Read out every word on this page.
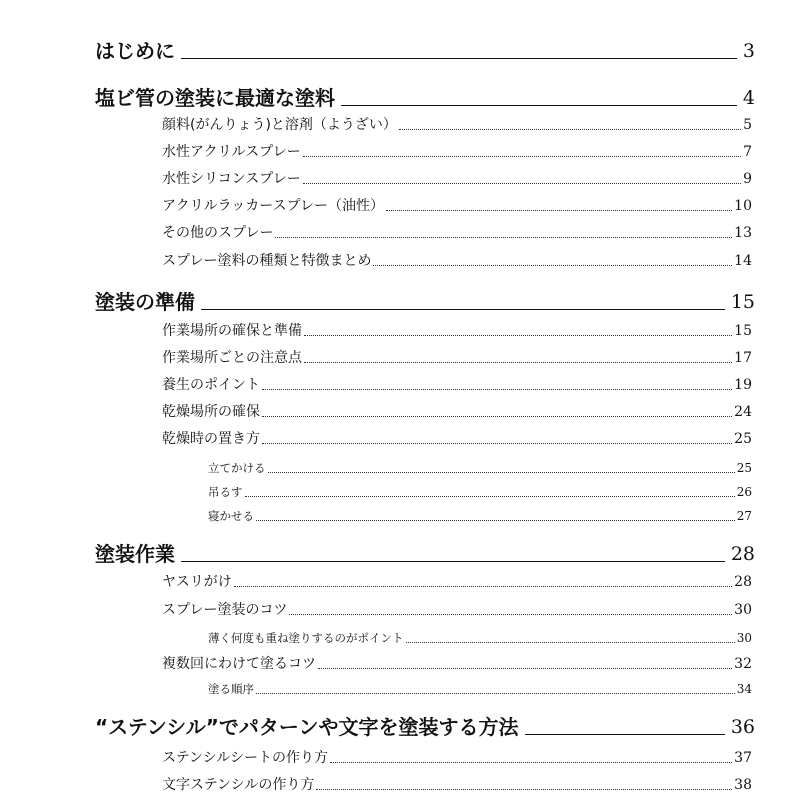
はじめに	3
塩ビ管の塗装に最適な塗料	4
顔料(がんりょう)と溶剤（ようざい）	5
水性アクリルスプレー	7
水性シリコンスプレー	9
アクリルラッカースプレー（油性）	10
その他のスプレー	13
スプレー塗料の種類と特徴まとめ	14
塗装の準備	15
作業場所の確保と準備	15
作業場所ごとの注意点	17
養生のポイント	19
乾燥場所の確保	24
乾燥時の置き方	25
立てかける	25
吊るす	26
寝かせる	27
塗装作業	28
ヤスリがけ	28
スプレー塗装のコツ	30
薄く何度も重ね塗りするのがポイント	30
複数回にわけて塗るコツ	32
塗る順序	34
“ステンシル”でパターンや文字を塗装する方法	36
ステンシルシートの作り方	37
文字ステンシルの作り方	38
